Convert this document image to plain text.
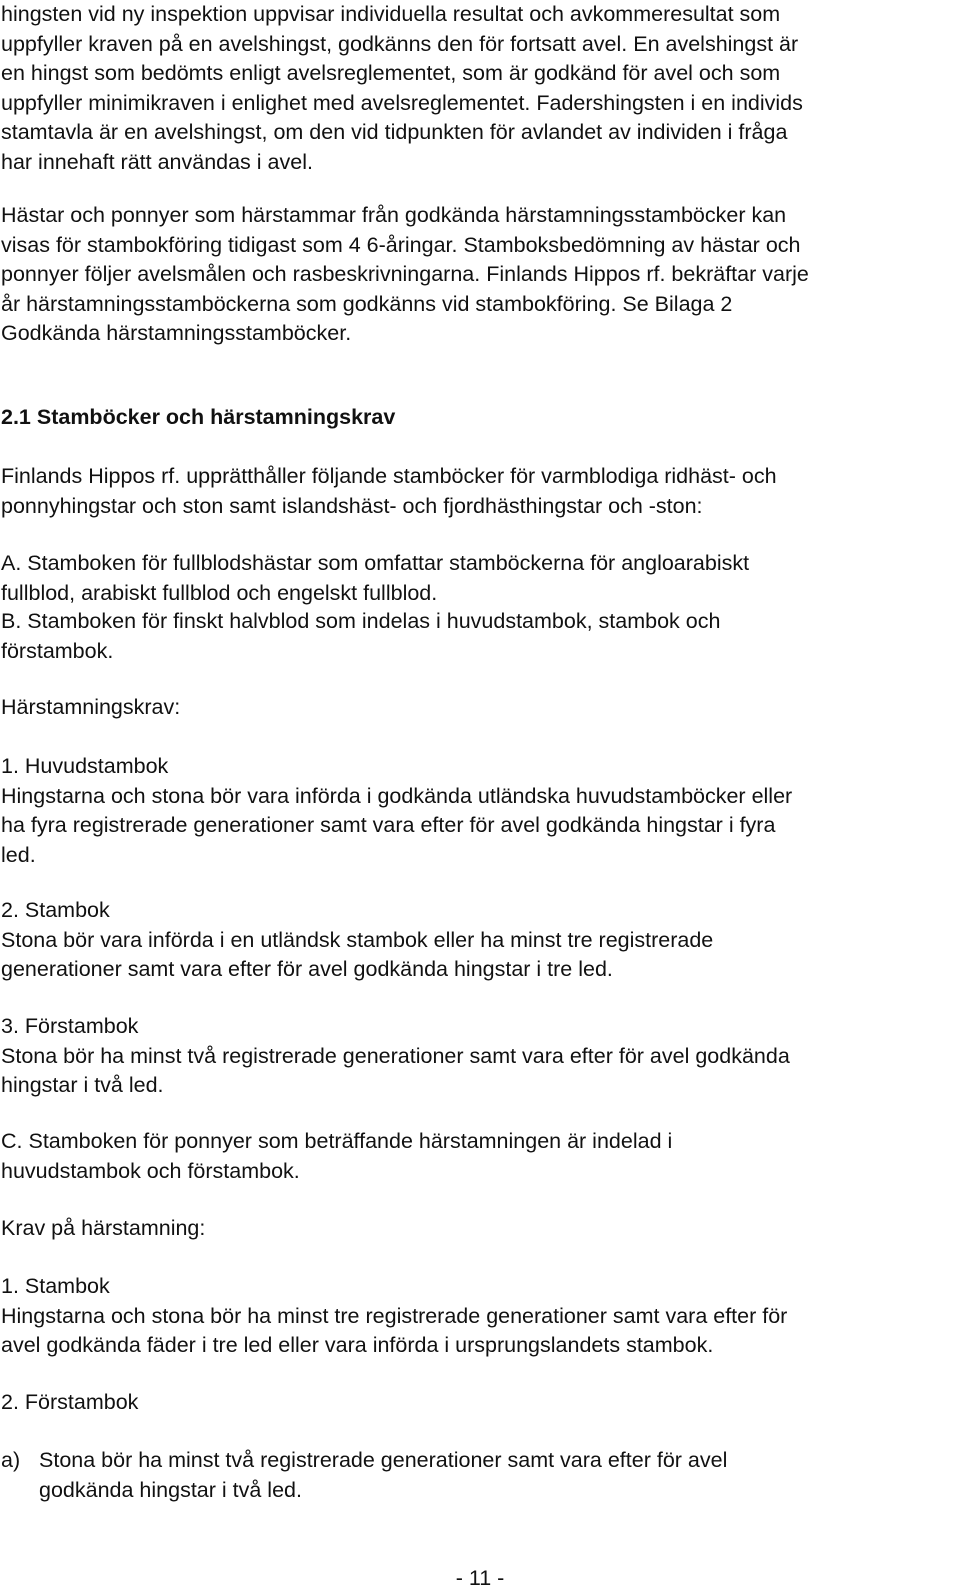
hingsten vid ny inspektion uppvisar individuella resultat och avkommeresultat som
uppfyller kraven på en avelshingst, godkänns den för fortsatt avel. En avelshingst är
en hingst som bedömts enligt avelsreglementet, som är godkänd för avel och som
uppfyller minimikraven i enlighet med avelsreglementet. Fadershingsten i en individs
stamtavla är en avelshingst, om den vid tidpunkten för avlandet av individen i fråga
har innehaft rätt användas i avel.
Hästar och ponnyer som härstammar från godkända härstamningsstamböcker kan
visas för stambokföring tidigast som 4 6-åringar. Stamboksbedömning av hästar och
ponnyer följer avelsmålen och rasbeskrivningarna. Finlands Hippos rf. bekräftar varje
år härstamningsstamböckerna som godkänns vid stambokföring. Se Bilaga 2
Godkända härstamningsstamböcker.
2.1 Stamböcker och härstamningskrav
Finlands Hippos rf. upprätthåller följande stamböcker för varmblodiga ridhäst- och
ponnyhingstar och ston samt islandshäst- och fjordhästhingstar och -ston:
A. Stamboken för fullblodshästar som omfattar stamböckerna för angloarabiskt
fullblod, arabiskt fullblod och engelskt fullblod.
B. Stamboken för finskt halvblod som indelas i huvudstambok, stambok och
förstambok.
Härstamningskrav:
1. Huvudstambok
Hingstarna och stona bör vara införda i godkända utländska huvudstamböcker eller
ha fyra registrerade generationer samt vara efter för avel godkända hingstar i fyra
led.
2. Stambok
Stona bör vara införda i en utländsk stambok eller ha minst tre registrerade
generationer samt vara efter för avel godkända hingstar i tre led.
3. Förstambok
Stona bör ha minst två registrerade generationer samt vara efter för avel godkända
hingstar i två led.
C. Stamboken för ponnyer som beträffande härstamningen är indelad i
huvudstambok och förstambok.
Krav på härstamning:
1. Stambok
Hingstarna och stona bör ha minst tre registrerade generationer samt vara efter för
avel godkända fäder i tre led eller vara införda i ursprungslandets stambok.
2. Förstambok
a) Stona bör ha minst två registrerade generationer samt vara efter för avel
godkända hingstar i två led.
- 11 -
